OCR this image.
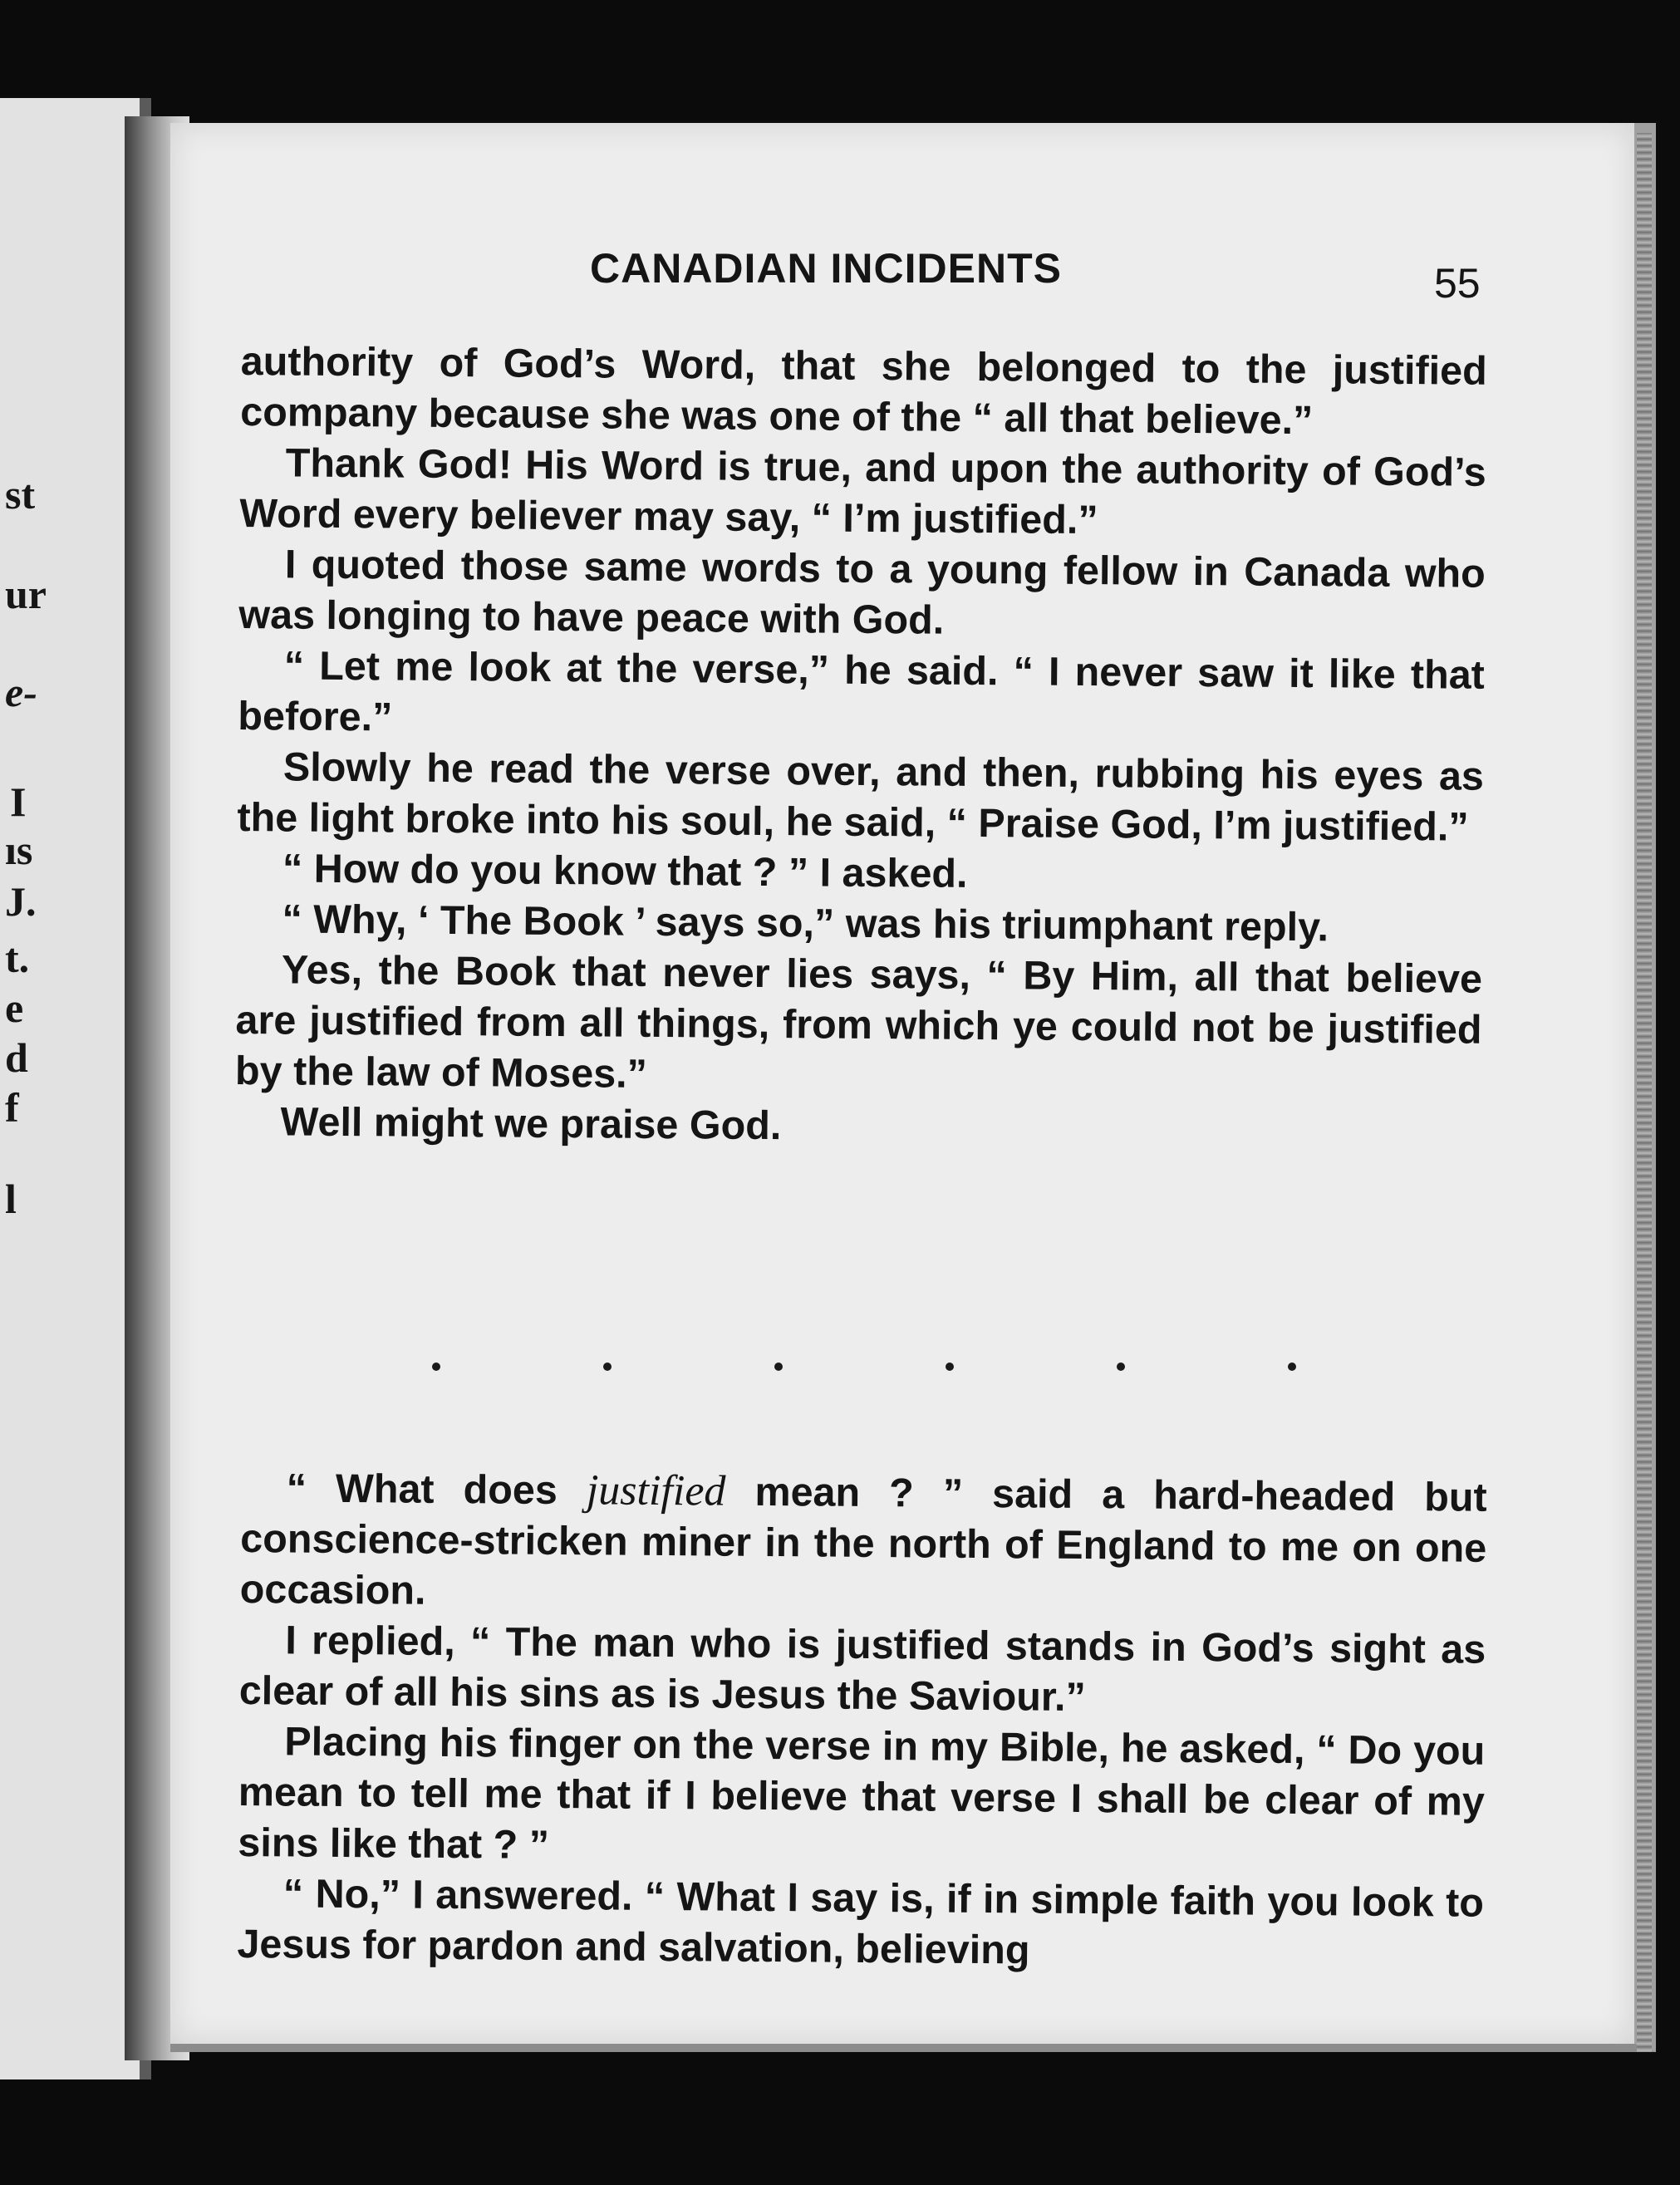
st
ur
e-
I
ıs
J.
t.
e
d
f
l
CANADIAN INCIDENTS	55

authority of God’s Word, that she belonged to the justified company because she was one of the “ all that believe.”

Thank God! His Word is true, and upon the authority of God’s Word every believer may say, “ I’m justified.”

I quoted those same words to a young fellow in Canada who was longing to have peace with God.

“ Let me look at the verse,” he said. “ I never saw it like that before.”

Slowly he read the verse over, and then, rubbing his eyes as the light broke into his soul, he said, “ Praise God, I’m justified.”

“ How do you know that ? ” I asked.

“ Why, ‘ The Book ’ says so,” was his triumphant reply.

Yes, the Book that never lies says, “ By Him, all that believe are justified from all things, from which ye could not be justified by the law of Moses.”

Well might we praise God.

“ What does justified mean ? ” said a hard-headed but conscience-stricken miner in the north of England to me on one occasion.

I replied, “ The man who is justified stands in God’s sight as clear of all his sins as is Jesus the Saviour.”

Placing his finger on the verse in my Bible, he asked, “ Do you mean to tell me that if I believe that verse I shall be clear of my sins like that ? ”

“ No,” I answered. “ What I say is, if in simple faith you look to Jesus for pardon and salvation, believing
